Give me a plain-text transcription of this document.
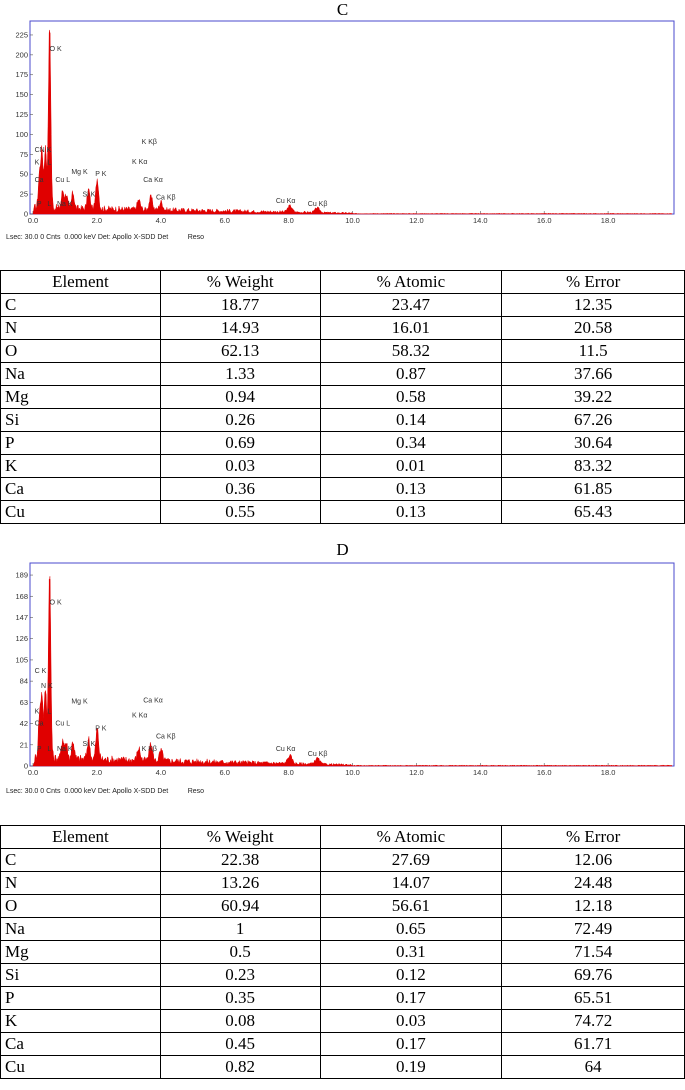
C
0
25
50
75
100
125
150
175
200
225
0.0	2.0	4.0	6.0	8.0	10.0	12.0	14.0	16.0	18.0
O K
CN K
K
Ca
L
Cu L
Mg K P K
Si K
Na K
P L
K Kβ
K Kα
Ca Kα
Ca Kβ	Cu Kα Cu Kβ
Lsec: 30.0 0 Cnts  0.000 keV Det: Apollo X-SDD Det          Reso
Element	% Weight	% Atomic	% Error
C	18.77	23.47	12.35
N	14.93	16.01	20.58
O	62.13	58.32	11.5
Na	1.33	0.87	37.66
Mg	0.94	0.58	39.22
Si	0.26	0.14	67.26
P	0.69	0.34	30.64
K	0.03	0.01	83.32
Ca	0.36	0.13	61.85
Cu	0.55	0.13	65.43
D
0
21
42
63
84
105
126
147
168
189
0.0	2.0	4.0	6.0	8.0	10.0	12.0	14.0	16.0	18.0
O K
C K
N K
K
Ca
L
Cu L
Mg K
P K
Si K
Na K
P L
Ca Kα
K Kα
Ca Kβ
K Kβ	Cu Kα
Cu Kβ
Lsec: 30.0 0 Cnts  0.000 keV Det: Apollo X-SDD Det          Reso
Element	% Weight	% Atomic	% Error
C	22.38	27.69	12.06
N	13.26	14.07	24.48
O	60.94	56.61	12.18
Na	1	0.65	72.49
Mg	0.5	0.31	71.54
Si	0.23	0.12	69.76
P	0.35	0.17	65.51
K	0.08	0.03	74.72
Ca	0.45	0.17	61.71
Cu	0.82	0.19	64
